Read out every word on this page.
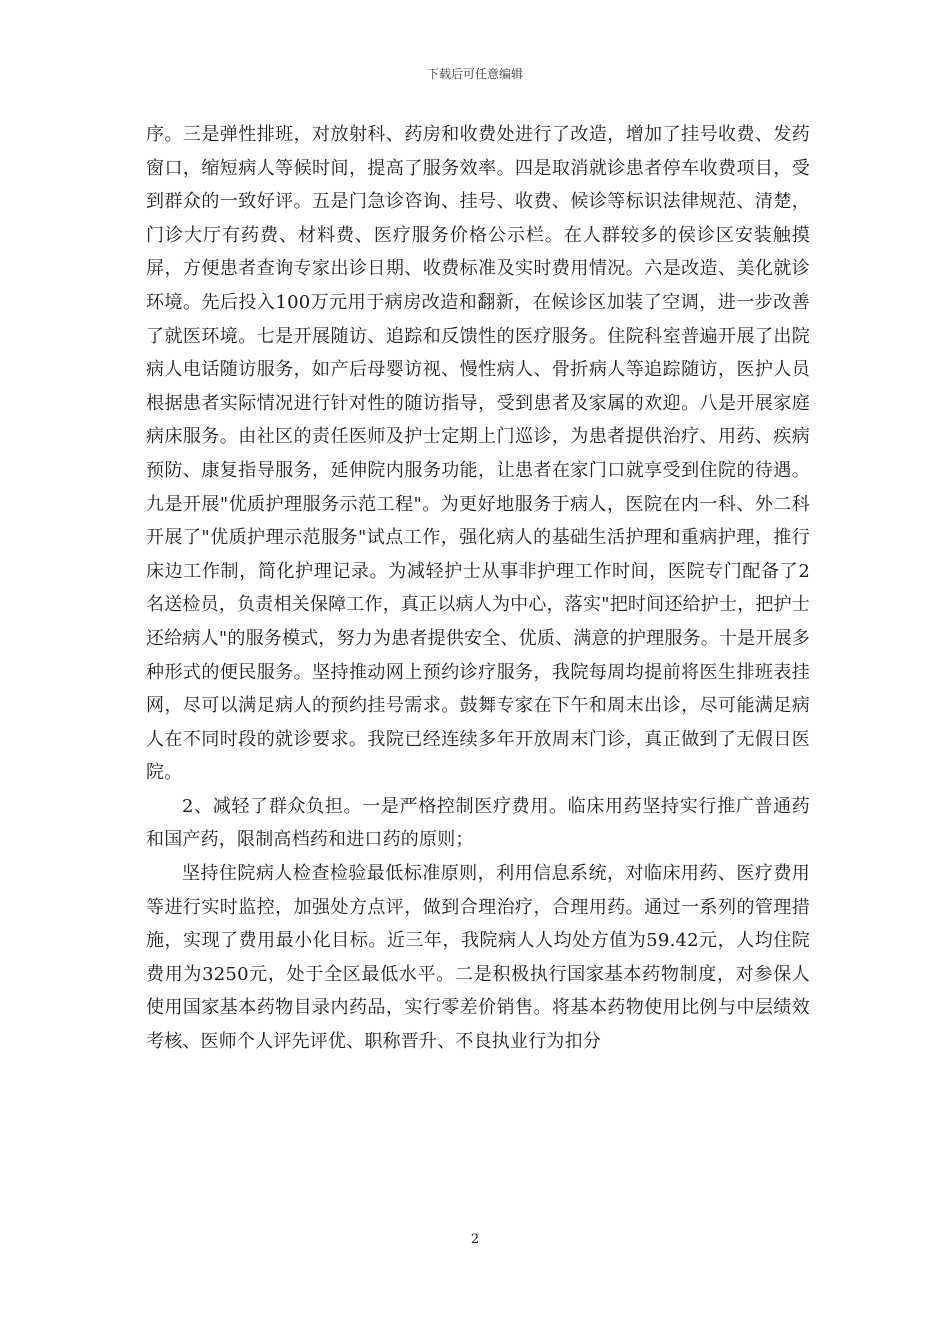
下载后可任意编辑

序。三是弹性排班，对放射科、药房和收费处进行了改造，增加了挂号收费、发药窗口，缩短病人等候时间，提高了服务效率。四是取消就诊患者停车收费项目，受到群众的一致好评。五是门急诊咨询、挂号、收费、候诊等标识法律规范、清楚，门诊大厅有药费、材料费、医疗服务价格公示栏。在人群较多的侯诊区安装触摸屏，方便患者查询专家出诊日期、收费标准及实时费用情况。六是改造、美化就诊环境。先后投入100万元用于病房改造和翻新，在候诊区加装了空调，进一步改善了就医环境。七是开展随访、追踪和反馈性的医疗服务。住院科室普遍开展了出院病人电话随访服务，如产后母婴访视、慢性病人、骨折病人等追踪随访，医护人员根据患者实际情况进行针对性的随访指导，受到患者及家属的欢迎。八是开展家庭病床服务。由社区的责任医师及护士定期上门巡诊，为患者提供治疗、用药、疾病预防、康复指导服务，延伸院内服务功能，让患者在家门口就享受到住院的待遇。九是开展"优质护理服务示范工程"。为更好地服务于病人，医院在内一科、外二科开展了"优质护理示范服务"试点工作，强化病人的基础生活护理和重病护理，推行床边工作制，简化护理记录。为减轻护士从事非护理工作时间，医院专门配备了2名送检员，负责相关保障工作，真正以病人为中心，落实"把时间还给护士，把护士还给病人"的服务模式，努力为患者提供安全、优质、满意的护理服务。十是开展多种形式的便民服务。坚持推动网上预约诊疗服务，我院每周均提前将医生排班表挂网，尽可以满足病人的预约挂号需求。鼓舞专家在下午和周末出诊，尽可能满足病人在不同时段的就诊要求。我院已经连续多年开放周末门诊，真正做到了无假日医院。

2、减轻了群众负担。一是严格控制医疗费用。临床用药坚持实行推广普通药和国产药，限制高档药和进口药的原则；

坚持住院病人检查检验最低标准原则，利用信息系统，对临床用药、医疗费用等进行实时监控，加强处方点评，做到合理治疗，合理用药。通过一系列的管理措施，实现了费用最小化目标。近三年，我院病人人均处方值为59.42元，人均住院费用为3250元，处于全区最低水平。二是积极执行国家基本药物制度，对参保人使用国家基本药物目录内药品，实行零差价销售。将基本药物使用比例与中层绩效考核、医师个人评先评优、职称晋升、不良执业行为扣分

2
